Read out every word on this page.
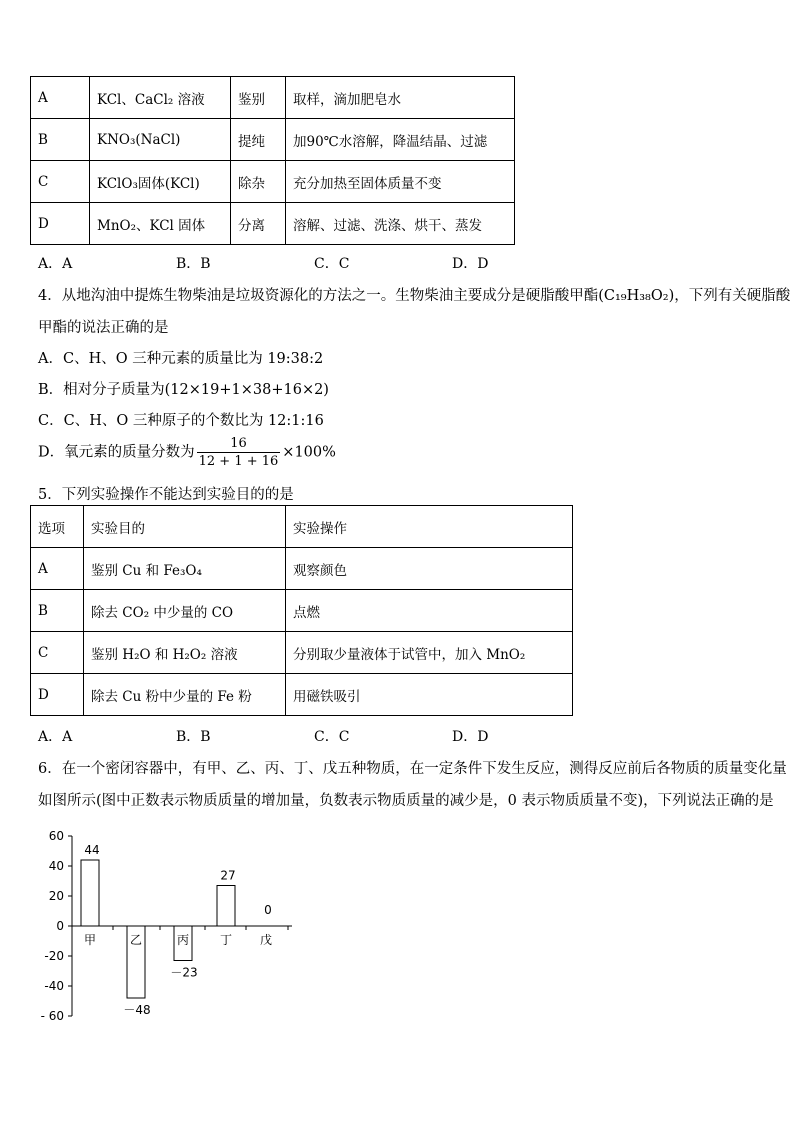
A	KCl、CaCl₂ 溶液	鉴别	取样，滴加肥皂水
B	KNO₃(NaCl)	提纯	加90℃水溶解，降温结晶、过滤
C	KClO₃固体(KCl)	除杂	充分加热至固体质量不变
D	MnO₂、KCl 固体	分离	溶解、过滤、洗涤、烘干、蒸发
A．A	B．B	C．C	D．D
4．从地沟油中提炼生物柴油是垃圾资源化的方法之一。生物柴油主要成分是硬脂酸甲酯(C₁₉H₃₈O₂)，下列有关硬脂酸
甲酯的说法正确的是
A．C、H、O 三种元素的质量比为 19:38:2
B．相对分子质量为(12×19+1×38+16×2)
C．C、H、O 三种原子的个数比为 12:1:16
D．氧元素的质量分数为 $\frac{16}{12 + 1 + 16} \times 100\%$
5．下列实验操作不能达到实验目的的是
选项	实验目的	实验操作
A	鉴别 Cu 和 Fe₃O₄	观察颜色
B	除去 CO₂ 中少量的 CO	点燃
C	鉴别 H₂O 和 H₂O₂ 溶液	分别取少量液体于试管中，加入 MnO₂
D	除去 Cu 粉中少量的 Fe 粉	用磁铁吸引
A．A	B．B	C．C	D．D
6．在一个密闭容器中，有甲、乙、丙、丁、戊五种物质，在一定条件下发生反应，测得反应前后各物质的质量变化量
如图所示(图中正数表示物质质量的增加量，负数表示物质质量的减少是，0 表示物质质量不变)，下列说法正确的是
60
40
20
0
-20
-40
- 60
甲
44
乙
－48
丙
－23
丁
27
戊
0
